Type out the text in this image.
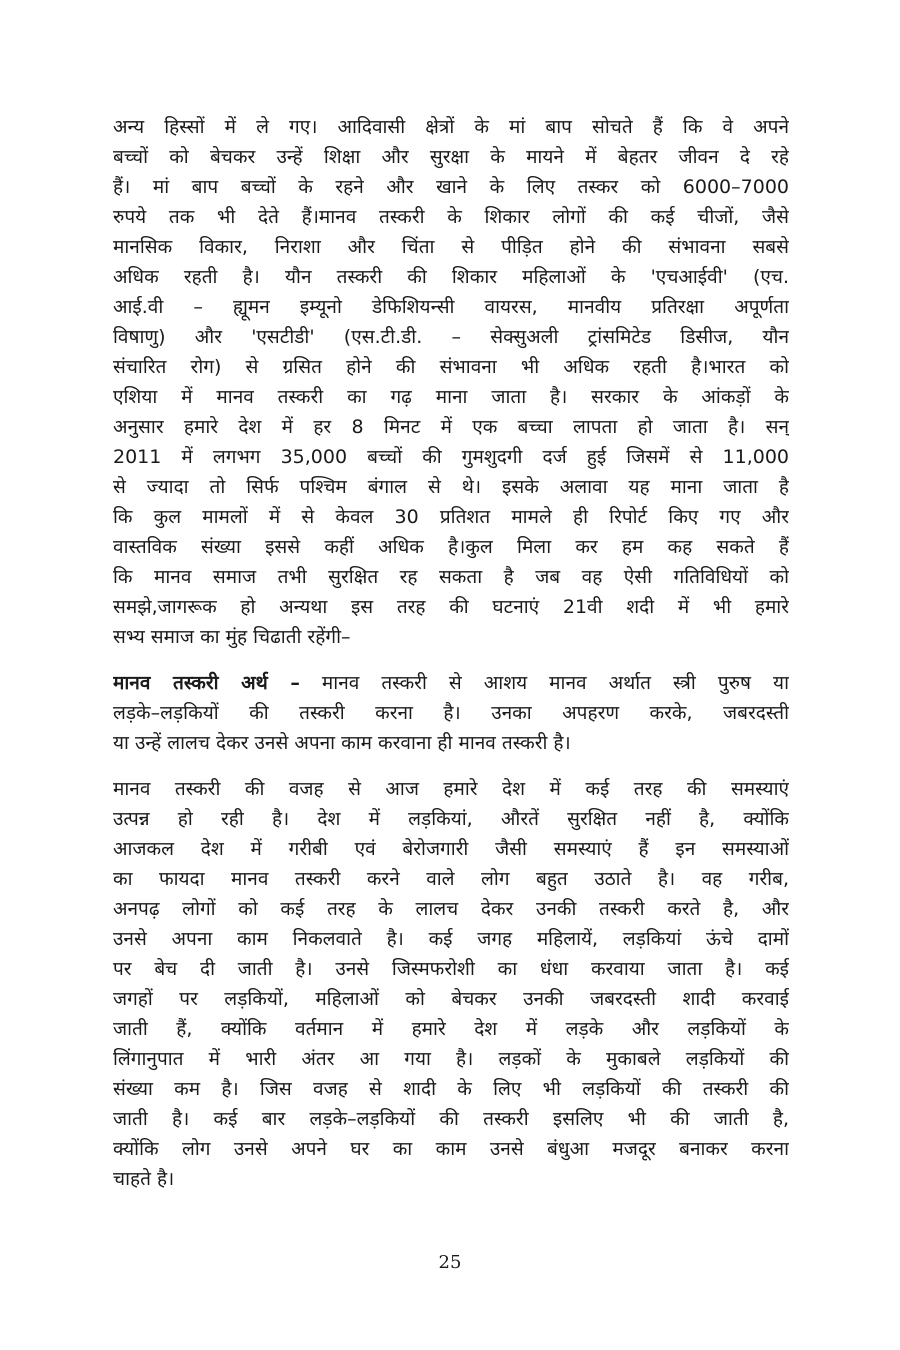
अन्य हिस्सों में ले गए। आदिवासी क्षेत्रों के मां बाप सोचते हैं कि वे अपने
बच्चों को बेचकर उन्हें शिक्षा और सुरक्षा के मायने में बेहतर जीवन दे रहे
हैं। मां बाप बच्चों के रहने और खाने के लिए तस्कर को 6000–7000
रुपये तक भी देते हैं।मानव तस्करी के शिकार लोगों की कई चीजों, जैसे
मानसिक विकार, निराशा और चिंता से पीड़ित होने की संभावना सबसे
अधिक रहती है। यौन तस्करी की शिकार महिलाओं के 'एचआईवी' (एच.
आई.वी – ह्यूमन इम्यूनो डेफिशियन्सी वायरस, मानवीय प्रतिरक्षा अपूर्णता
विषाणु) और 'एसटीडी' (एस.टी.डी. – सेक्सुअली ट्रांसमिटेड डिसीज, यौन
संचारित रोग) से ग्रसित होने की संभावना भी अधिक रहती है।भारत को
एशिया में मानव तस्करी का गढ़ माना जाता है। सरकार के आंकड़ों के
अनुसार हमारे देश में हर 8 मिनट में एक बच्चा लापता हो जाता है। सन्
2011 में लगभग 35,000 बच्चों की गुमशुदगी दर्ज हुई जिसमें से 11,000
से ज्यादा तो सिर्फ पश्चिम बंगाल से थे। इसके अलावा यह माना जाता है
कि कुल मामलों में से केवल 30 प्रतिशत मामले ही रिपोर्ट किए गए और
वास्तविक संख्या इससे कहीं अधिक है।कुल मिला कर हम कह सकते हैं
कि मानव समाज तभी सुरक्षित रह सकता है जब वह ऐसी गतिविधियों को
समझे,जागरूक हो अन्यथा इस तरह की घटनाएं 21वी शदी में भी हमारे
सभ्य समाज का मुंह चिढाती रहेंगी–
मानव तस्करी अर्थ – मानव तस्करी से आशय मानव अर्थात स्त्री पुरुष या
लड़के–लड़कियों की तस्करी करना है। उनका अपहरण करके, जबरदस्ती
या उन्हें लालच देकर उनसे अपना काम करवाना ही मानव तस्करी है।
मानव तस्करी की वजह से आज हमारे देश में कई तरह की समस्याएं
उत्पन्न हो रही है। देश में लड़कियां, औरतें सुरक्षित नहीं है, क्योंकि
आजकल देश में गरीबी एवं बेरोजगारी जैसी समस्याएं हैं इन समस्याओं
का फायदा मानव तस्करी करने वाले लोग बहुत उठाते है। वह गरीब,
अनपढ़ लोगों को कई तरह के लालच देकर उनकी तस्करी करते है, और
उनसे अपना काम निकलवाते है। कई जगह महिलायें, लड़कियां ऊंचे दामों
पर बेच दी जाती है। उनसे जिस्मफरोशी का धंधा करवाया जाता है। कई
जगहों पर लड़कियों, महिलाओं को बेचकर उनकी जबरदस्ती शादी करवाई
जाती हैं, क्योंकि वर्तमान में हमारे देश में लड़के और लड़कियों के
लिंगानुपात में भारी अंतर आ गया है। लड़कों के मुकाबले लड़कियों की
संख्या कम है। जिस वजह से शादी के लिए भी लड़कियों की तस्करी की
जाती है। कई बार लड़के–लड़कियों की तस्करी इसलिए भी की जाती है,
क्योंकि लोग उनसे अपने घर का काम उनसे बंधुआ मजदूर बनाकर करना
चाहते है।
25
